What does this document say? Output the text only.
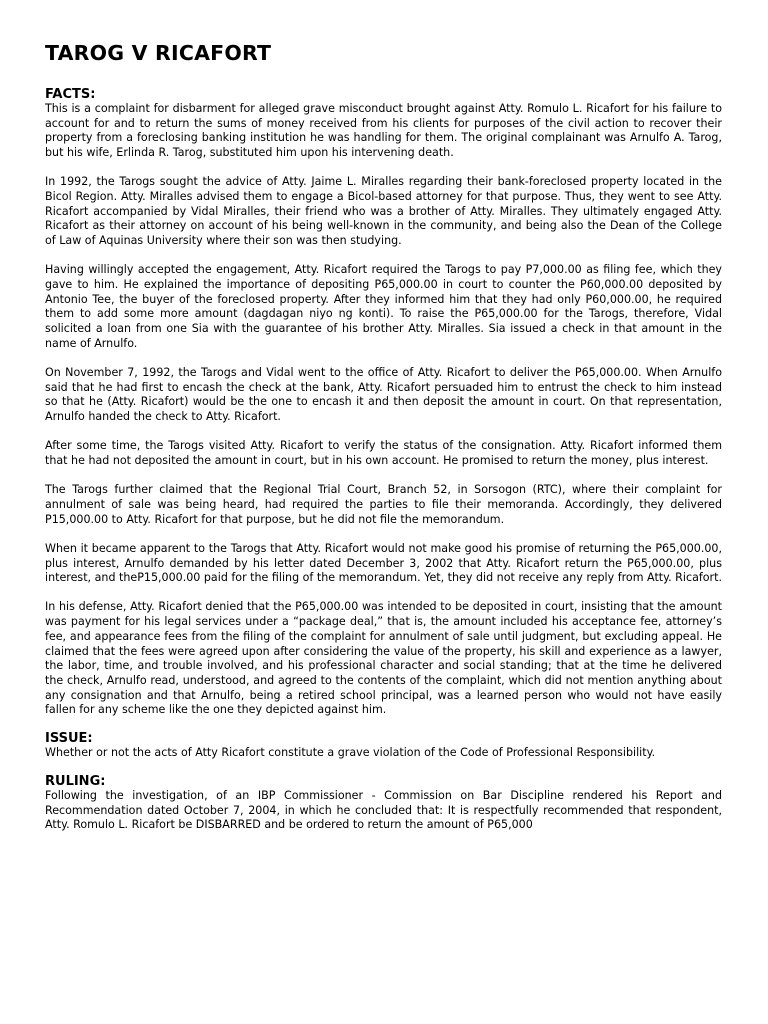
TAROG V RICAFORT
FACTS:

This is a complaint for disbarment for alleged grave misconduct brought against Atty. Romulo L. Ricafort for his failure to account for and to return the sums of money received from his clients for purposes of the civil action to recover their property from a foreclosing banking institution he was handling for them. The original complainant was Arnulfo A. Tarog, but his wife, Erlinda R. Tarog, substituted him upon his intervening death.

In 1992, the Tarogs sought the advice of Atty. Jaime L. Miralles regarding their bank-foreclosed property located in the Bicol Region. Atty. Miralles advised them to engage a Bicol-based attorney for that purpose. Thus, they went to see Atty. Ricafort accompanied by Vidal Miralles, their friend who was a brother of Atty. Miralles. They ultimately engaged Atty. Ricafort as their attorney on account of his being well-known in the community, and being also the Dean of the College of Law of Aquinas University where their son was then studying.

Having willingly accepted the engagement, Atty. Ricafort required the Tarogs to pay P7,000.00 as filing fee, which they gave to him. He explained the importance of depositing P65,000.00 in court to counter the P60,000.00 deposited by Antonio Tee, the buyer of the foreclosed property. After they informed him that they had only P60,000.00, he required them to add some more amount (dagdagan niyo ng konti). To raise the P65,000.00 for the Tarogs, therefore, Vidal solicited a loan from one Sia with the guarantee of his brother Atty. Miralles. Sia issued a check in that amount in the name of Arnulfo.

On November 7, 1992, the Tarogs and Vidal went to the office of Atty. Ricafort to deliver the P65,000.00. When Arnulfo said that he had first to encash the check at the bank, Atty. Ricafort persuaded him to entrust the check to him instead so that he (Atty. Ricafort) would be the one to encash it and then deposit the amount in court. On that representation, Arnulfo handed the check to Atty. Ricafort.

After some time, the Tarogs visited Atty. Ricafort to verify the status of the consignation. Atty. Ricafort informed them that he had not deposited the amount in court, but in his own account. He promised to return the money, plus interest.

The Tarogs further claimed that the Regional Trial Court, Branch 52, in Sorsogon (RTC), where their complaint for annulment of sale was being heard, had required the parties to file their memoranda. Accordingly, they delivered P15,000.00 to Atty. Ricafort for that purpose, but he did not file the memorandum.

When it became apparent to the Tarogs that Atty. Ricafort would not make good his promise of returning the P65,000.00, plus interest, Arnulfo demanded by his letter dated December 3, 2002 that Atty. Ricafort return the P65,000.00, plus interest, and theP15,000.00 paid for the filing of the memorandum. Yet, they did not receive any reply from Atty. Ricafort.

In his defense, Atty. Ricafort denied that the P65,000.00 was intended to be deposited in court, insisting that the amount was payment for his legal services under a “package deal,” that is, the amount included his acceptance fee, attorney’s fee, and appearance fees from the filing of the complaint for annulment of sale until judgment, but excluding appeal. He claimed that the fees were agreed upon after considering the value of the property, his skill and experience as a lawyer, the labor, time, and trouble involved, and his professional character and social standing; that at the time he delivered the check, Arnulfo read, understood, and agreed to the contents of the complaint, which did not mention anything about any consignation and that Arnulfo, being a retired school principal, was a learned person who would not have easily fallen for any scheme like the one they depicted against him.

ISSUE:

Whether or not the acts of Atty Ricafort constitute a grave violation of the Code of Professional Responsibility.

RULING:

Following the investigation, of an IBP Commissioner - Commission on Bar Discipline rendered his Report and Recommendation dated October 7, 2004, in which he concluded that: It is respectfully recommended that respondent, Atty. Romulo L. Ricafort be DISBARRED and be ordered to return the amount of P65,000
